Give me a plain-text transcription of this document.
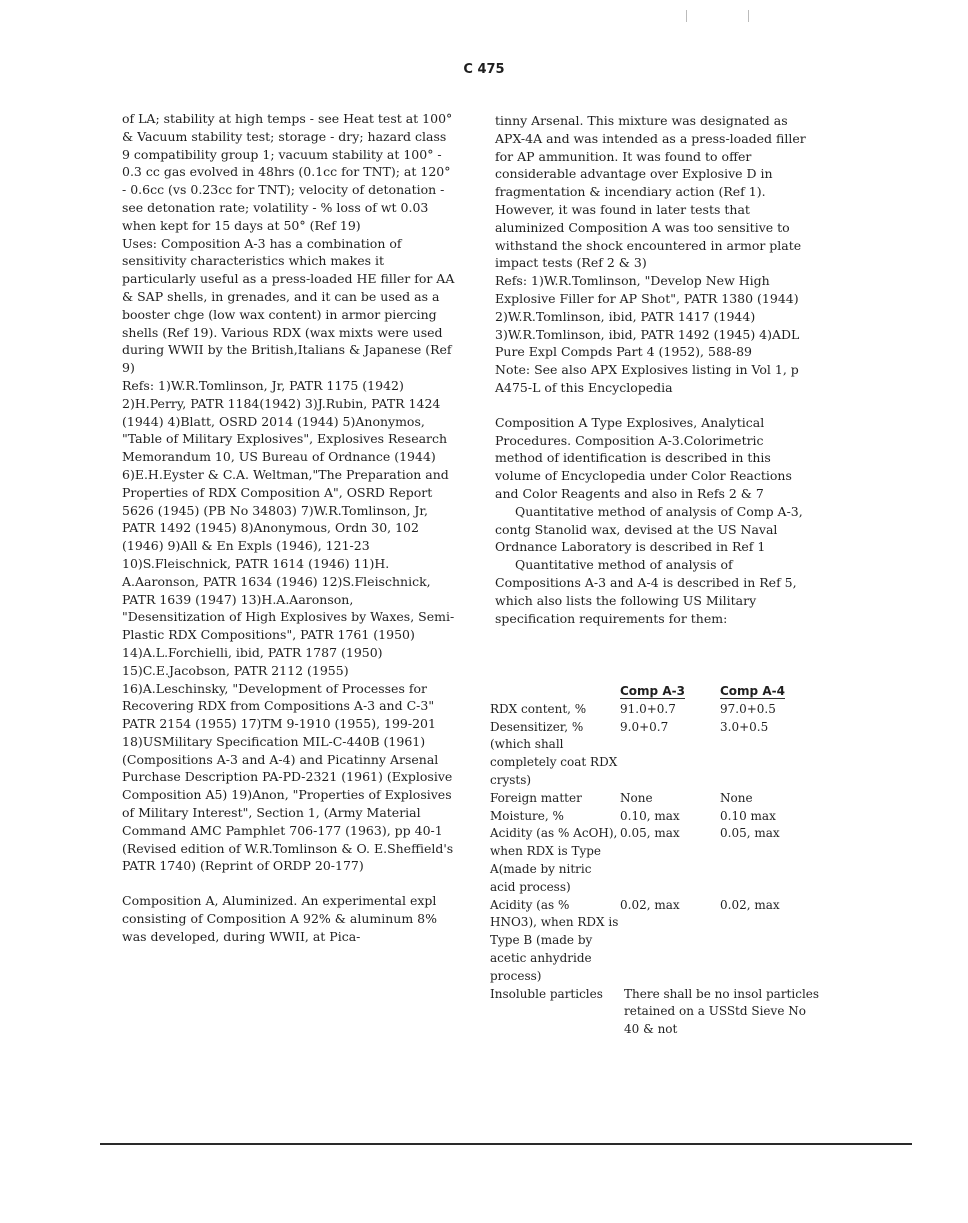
C 475

of LA; stability at high temps - see Heat test at 100° & Vacuum stability test; storage - dry; hazard class 9 compatibility group 1; vacuum stability at 100° - 0.3 cc gas evolved in 48hrs (0.1cc for TNT); at 120° - 0.6cc (vs 0.23cc for TNT); velocity of detonation - see detonation rate; volatility - % loss of wt 0.03 when kept for 15 days at 50° (Ref 19)

Uses: Composition A-3 has a combination of sensitivity characteristics which makes it particularly useful as a press-loaded HE filler for AA & SAP shells, in grenades, and it can be used as a booster chge (low wax content) in armor piercing shells (Ref 19). Various RDX (wax mixts were used during WWII by the British,Italians & Japanese (Ref 9)

Refs: 1)W.R.Tomlinson, Jr, PATR 1175 (1942) 2)H.Perry, PATR 1184(1942) 3)J.Rubin, PATR 1424 (1944) 4)Blatt, OSRD 2014 (1944) 5)Anonymos, "Table of Military Explosives", Explosives Research Memorandum 10, US Bureau of Ordnance (1944) 6)E.H.Eyster & C.A. Weltman,"The Preparation and Properties of RDX Composition A", OSRD Report 5626 (1945) (PB No 34803) 7)W.R.Tomlinson, Jr, PATR 1492 (1945) 8)Anonymous, Ordn 30, 102 (1946) 9)All & En Expls (1946), 121-23 10)S.Fleischnick, PATR 1614 (1946) 11)H. A.Aaronson, PATR 1634 (1946) 12)S.Fleischnick, PATR 1639 (1947) 13)H.A.Aaronson, "Desensitization of High Explosives by Waxes, Semi-Plastic RDX Compositions", PATR 1761 (1950) 14)A.L.Forchielli, ibid, PATR 1787 (1950) 15)C.E.Jacobson, PATR 2112 (1955) 16)A.Leschinsky, "Development of Processes for Recovering RDX from Compositions A-3 and C-3" PATR 2154 (1955) 17)TM 9-1910 (1955), 199-201 18)USMilitary Specification MIL-C-440B (1961) (Compositions A-3 and A-4) and Picatinny Arsenal Purchase Description PA-PD-2321 (1961) (Explosive Composition A5) 19)Anon, "Properties of Explosives of Military Interest", Section 1, (Army Material Command AMC Pamphlet 706-177 (1963), pp 40-1 (Revised edition of W.R.Tomlinson & O. E.Sheffield's PATR 1740) (Reprint of ORDP 20-177)

Composition A, Aluminized. An experimental expl consisting of Composition A 92% & aluminum 8% was developed, during WWII, at Pica-

tinny Arsenal. This mixture was designated as APX-4A and was intended as a press-loaded filler for AP ammunition. It was found to offer considerable advantage over Explosive D in fragmentation & incendiary action (Ref 1). However, it was found in later tests that aluminized Composition A was too sensitive to withstand the shock encountered in armor plate impact tests (Ref 2 & 3)

Refs: 1)W.R.Tomlinson, "Develop New High Explosive Filler for AP Shot", PATR 1380 (1944) 2)W.R.Tomlinson, ibid, PATR 1417 (1944) 3)W.R.Tomlinson, ibid, PATR 1492 (1945) 4)ADL Pure Expl Compds Part 4 (1952), 588-89

Note: See also APX Explosives listing in Vol 1, p A475-L of this Encyclopedia

Composition A Type Explosives, Analytical Procedures. Composition A-3.Colorimetric method of identification is described in this volume of Encyclopedia under Color Reactions and Color Reagents and also in Refs 2 & 7

Quantitative method of analysis of Comp A-3, contg Stanolid wax, devised at the US Naval Ordnance Laboratory is described in Ref 1

Quantitative method of analysis of Compositions A-3 and A-4 is described in Ref 5, which also lists the following US Military specification requirements for them:

	Comp A-3	Comp A-4
RDX content, %	91.0+0.7	97.0+0.5
Desensitizer, % (which shall completely coat RDX crysts)	9.0+0.7	3.0+0.5
Foreign matter	None	None
Moisture, %	0.10, max	0.10 max
Acidity (as % AcOH), when RDX is Type A(made by nitric acid process)	0.05, max	0.05, max
Acidity (as % HNO3), when RDX is Type B (made by acetic anhydride process)	0.02, max	0.02, max
Insoluble particles	There shall be no insol particles retained on a USStd Sieve No 40 & not	
